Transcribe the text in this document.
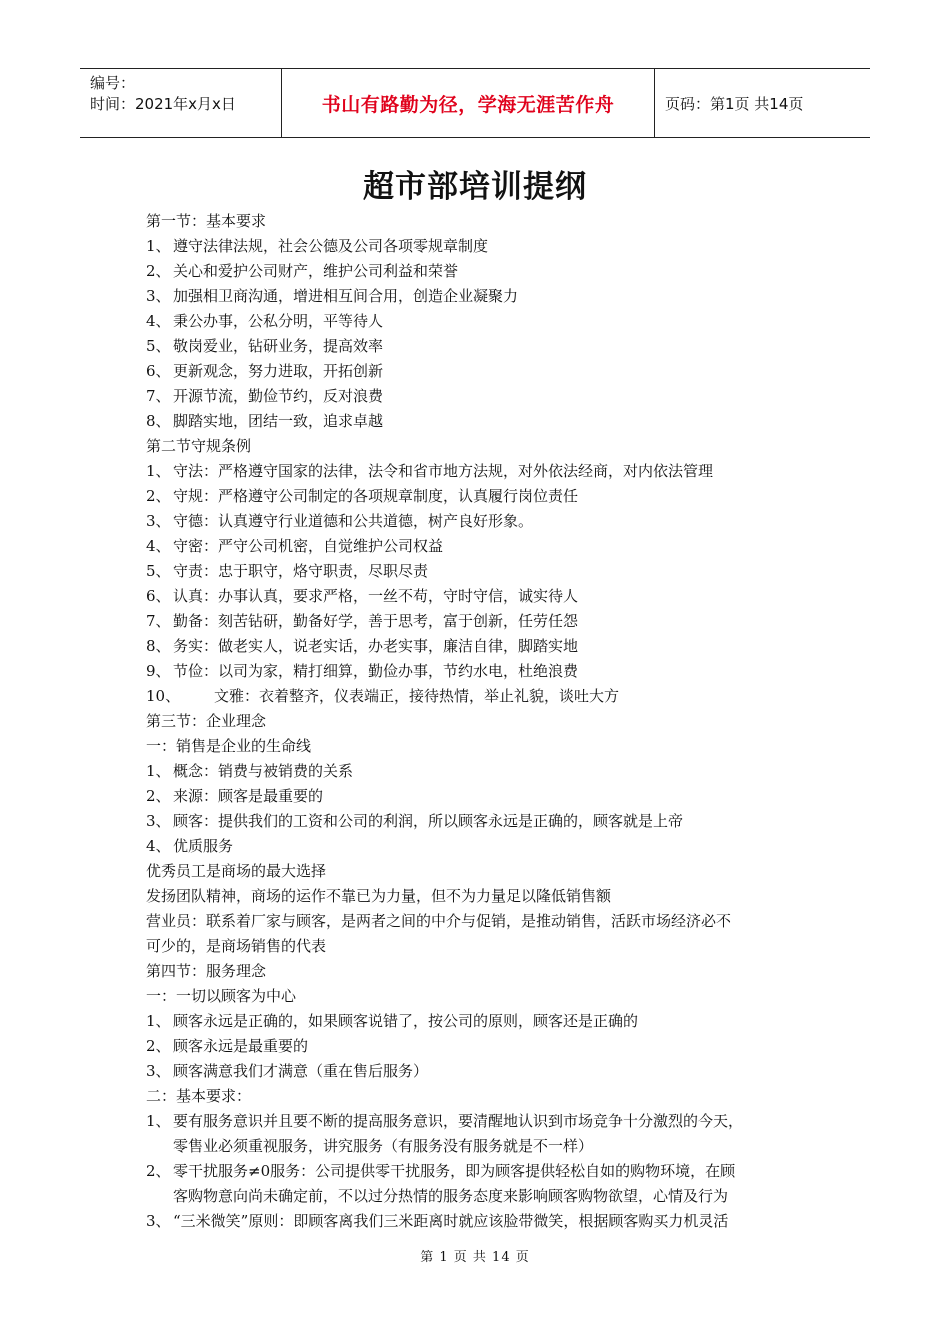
编号：
时间：2021年x月x日	书山有路勤为径，学海无涯苦作舟	页码：第1页 共14页
超市部培训提纲
第一节：基本要求
1、 遵守法律法规，社会公德及公司各项零规章制度
2、 关心和爱护公司财产，维护公司利益和荣誉
3、 加强相卫商沟通，增进相互间合用，创造企业凝聚力
4、 秉公办事，公私分明，平等待人
5、 敬岗爱业，钻研业务，提高效率
6、 更新观念，努力进取，开拓创新
7、 开源节流，勤俭节约，反对浪费
8、 脚踏实地，团结一致，追求卓越
第二节守规条例
1、 守法：严格遵守国家的法律，法令和省市地方法规，对外依法经商，对内依法管理
2、 守规：严格遵守公司制定的各项规章制度，认真履行岗位责任
3、 守德：认真遵守行业道德和公共道德，树产良好形象。
4、 守密：严守公司机密，自觉维护公司权益
5、 守责：忠于职守，烙守职责，尽职尽责
6、 认真：办事认真，要求严格，一丝不苟，守时守信，诚实待人
7、 勤备：刻苦钻研，勤备好学，善于思考，富于创新，任劳任怨
8、 务实：做老实人，说老实话，办老实事，廉洁自律，脚踏实地
9、 节俭：以司为家，精打细算，勤俭办事，节约水电，杜绝浪费
10、 文雅：衣着整齐，仪表端正，接待热情，举止礼貌，谈吐大方
第三节：企业理念
一：销售是企业的生命线
1、 概念：销费与被销费的关系
2、 来源：顾客是最重要的
3、 顾客：提供我们的工资和公司的利润，所以顾客永远是正确的，顾客就是上帝
4、 优质服务
优秀员工是商场的最大选择
发扬团队精神，商场的运作不靠已为力量，但不为力量足以隆低销售额
营业员：联系着厂家与顾客，是两者之间的中介与促销，是推动销售，活跃市场经济必不
可少的，是商场销售的代表
第四节：服务理念
一：一切以顾客为中心
1、 顾客永远是正确的，如果顾客说错了，按公司的原则，顾客还是正确的
2、 顾客永远是最重要的
3、 顾客满意我们才满意（重在售后服务）
二：基本要求：
1、 要有服务意识并且要不断的提高服务意识，要清醒地认识到市场竞争十分激烈的今天，
零售业必须重视服务，讲究服务（有服务没有服务就是不一样）
2、 零干扰服务≠0服务：公司提供零干扰服务，即为顾客提供轻松自如的购物环境，在顾
客购物意向尚未确定前，不以过分热情的服务态度来影响顾客购物欲望，心情及行为
3、 “三米微笑”原则：即顾客离我们三米距离时就应该脸带微笑，根据顾客购买力机灵活
第 1 页 共 14 页
